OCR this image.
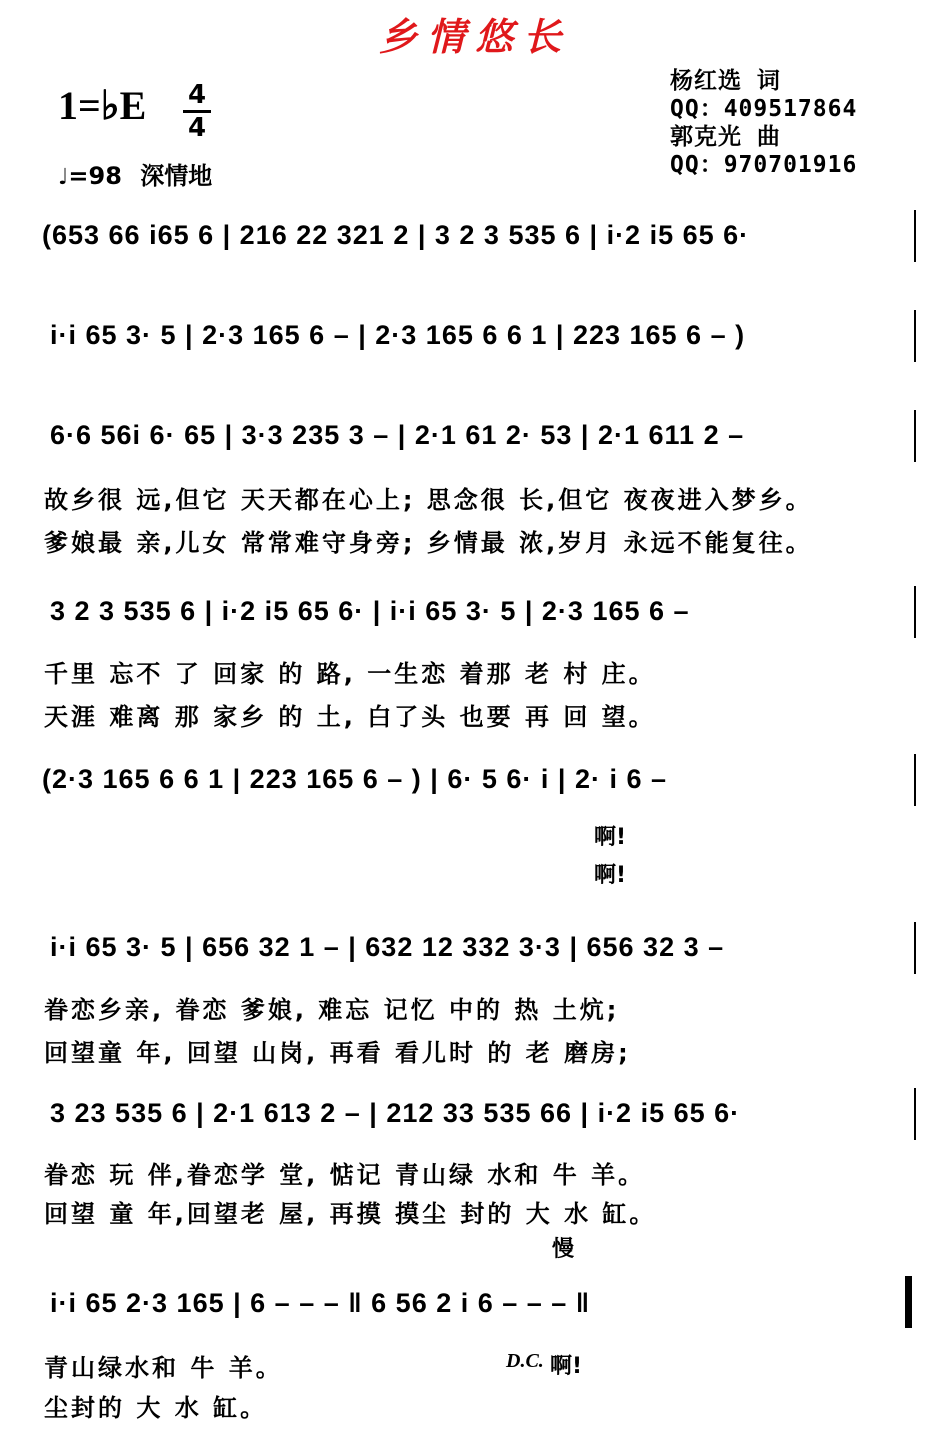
乡情悠长
1=♭E 4
4
♩=98 深情地
杨红选 词
QQ：409517864
郭克光 曲
QQ：970701916
(653 66 i65 6 | 216 22 321 2 | 3 2 3 535 6 | i·2 i5 65 6·
i·i 65 3· 5 | 2·3 165 6 – | 2·3 165 6 6 1 | 223 165 6 – )
6·6 56i 6· 65 | 3·3 235 3 – | 2·1 61 2· 53 | 2·1 611 2 –
故乡很 远,但它 天天都在心上; 思念很 长,但它 夜夜进入梦乡。
爹娘最 亲,儿女 常常难守身旁; 乡情最 浓,岁月 永远不能复往。
3 2 3 535 6 | i·2 i5 65 6· | i·i 65 3· 5 | 2·3 165 6 –
千里 忘不 了 回家 的 路, 一生恋 着那 老 村 庄。
天涯 难离 那 家乡 的 土, 白了头 也要 再 回 望。
(2·3 165 6 6 1 | 223 165 6 – ) | 6· 5 6· i | 2· i 6 –
啊!
啊!
i·i 65 3· 5 | 656 32 1 – | 632 12 332 3·3 | 656 32 3 –
眷恋乡亲, 眷恋 爹娘, 难忘 记忆 中的 热 土炕;
回望童 年, 回望 山岗, 再看 看儿时 的 老 磨房;
3 23 535 6 | 2·1 613 2 – | 212 33 535 66 | i·2 i5 65 6·
眷恋 玩 伴,眷恋学 堂, 惦记 青山绿 水和 牛 羊。
回望 童 年,回望老 屋, 再摸 摸尘 封的 大 水 缸。
慢
i·i 65 2·3 165 | 6 – – – ‖ 6 56 2 i 6 – – – ‖
青山绿水和 牛 羊。	D.C. 啊!
尘封的 大 水 缸。
